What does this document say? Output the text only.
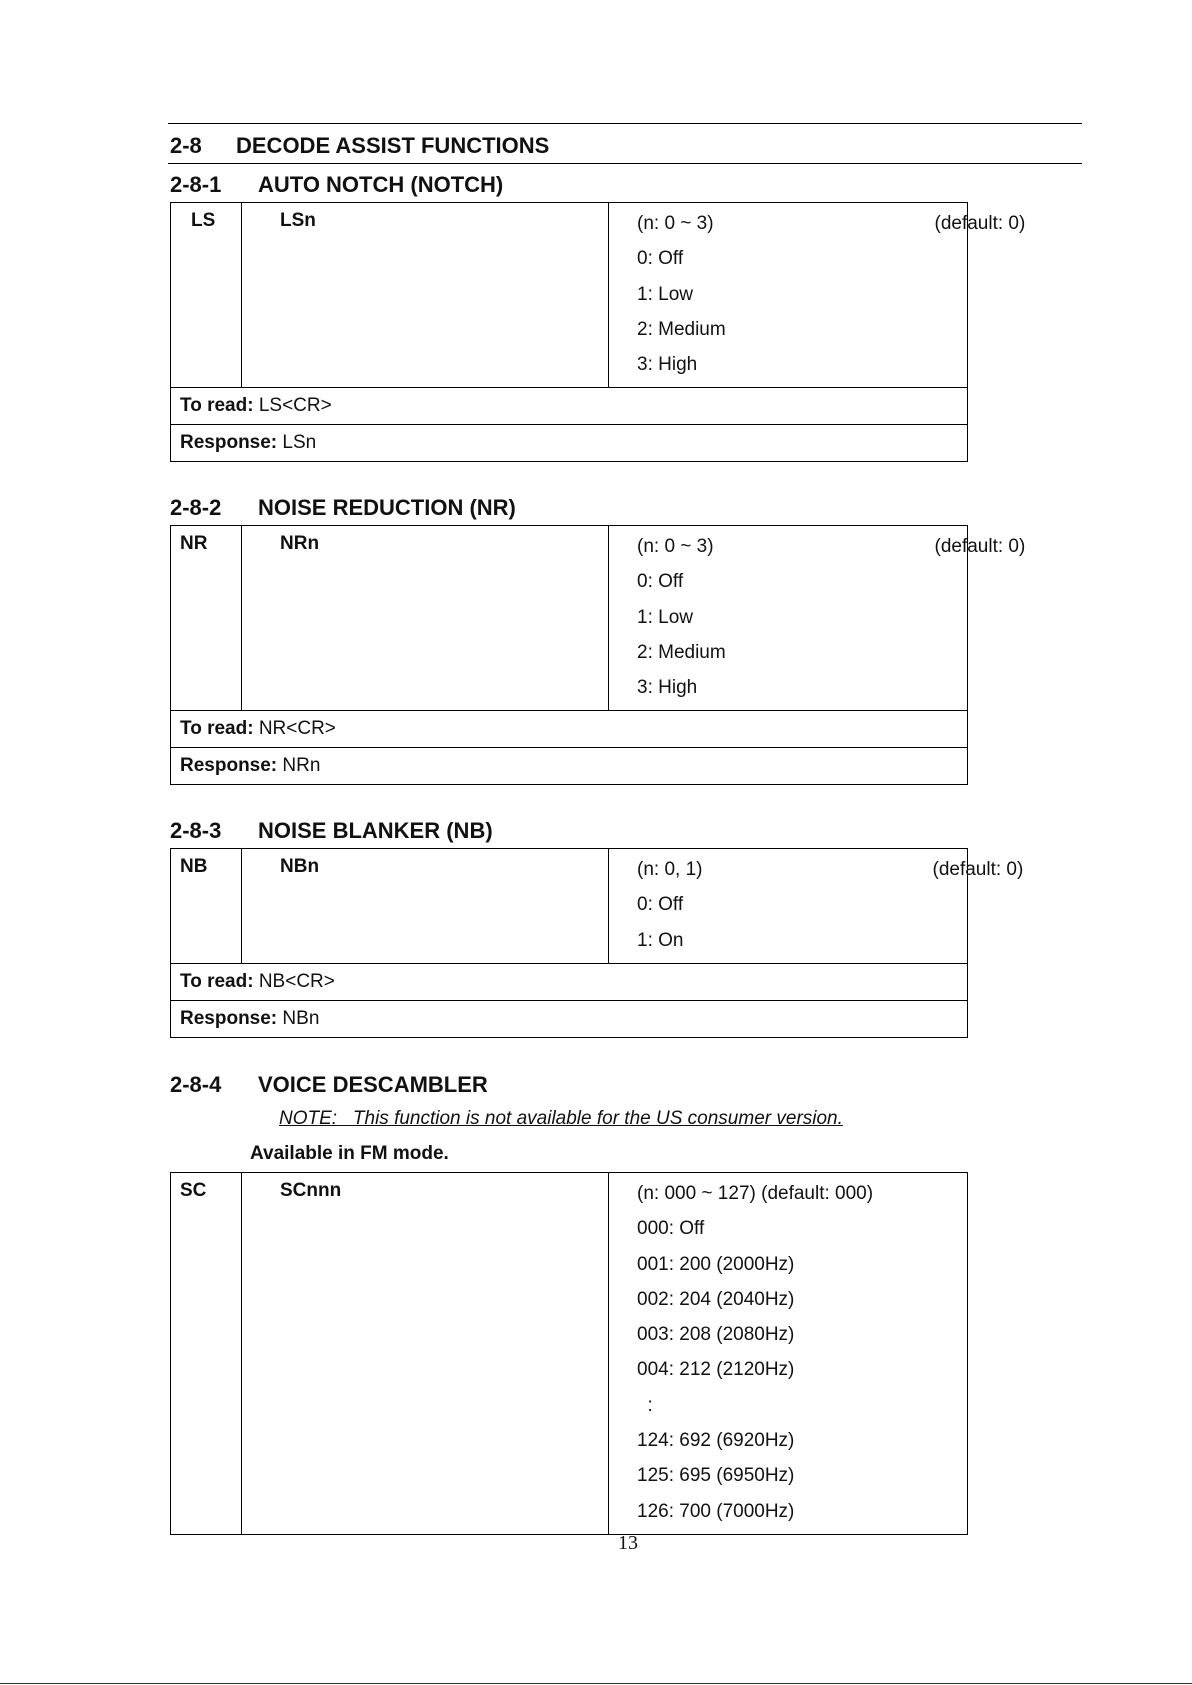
2-8 DECODE ASSIST FUNCTIONS
2-8-1 AUTO NOTCH (NOTCH)
LS	LSn	(n: 0 ~ 3)	(default: 0)
0: Off
1: Low
2: Medium
3: High

To read: LS<CR>
Response: LSn
2-8-2 NOISE REDUCTION (NR)
NR	NRn	(n: 0 ~ 3)	(default: 0)
0: Off
1: Low
2: Medium
3: High

To read: NR<CR>
Response: NRn
2-8-3 NOISE BLANKER (NB)
NB	NBn	(n: 0, 1)	(default: 0)
0: Off
1: On

To read: NB<CR>
Response: NBn
2-8-4 VOICE DESCAMBLER
NOTE:   This function is not available for the US consumer version.
Available in FM mode.
SC	SCnnn	(n: 000 ~ 127) (default: 000)
000: Off
001: 200 (2000Hz)
002: 204 (2040Hz)
003: 208 (2080Hz)
004: 212 (2120Hz)
:
124: 692 (6920Hz)
125: 695 (6950Hz)
126: 700 (7000Hz)
13
